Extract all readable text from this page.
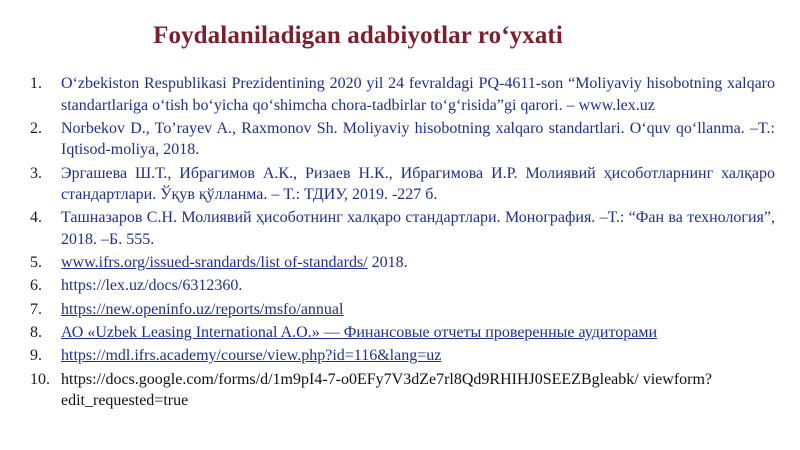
Foydalaniladigan adabiyotlar ro‘yxati
1.	O‘zbekiston Respublikasi Prezidentining 2020 yil 24 fevraldagi PQ-4611-son “Moliyaviy hisobotning xalqaro standartlariga o‘tish bo‘yicha qo‘shimcha chora-tadbirlar to‘g‘risida”gi qarori. – www.lex.uz
2.	Norbekov D., To’rayev A., Raxmonov Sh. Moliyaviy hisobotning xalqaro standartlari. O‘quv qo‘llanma. –T.: Iqtisod-moliya, 2018.
3.	Эргашева Ш.Т., Ибрагимов А.К., Ризаев Н.К., Ибрагимова И.Р. Молиявий ҳисоботларнинг халқаро стандартлари. Ўқув қўлланма. – Т.: ТДИУ, 2019. -227 б.
4.	Ташназаров С.Н. Молиявий ҳисоботнинг халқаро стандартлари. Монография. –Т.: “Фан ва технология”, 2018. –Б. 555.
5.	www.ifrs.org/issued-srandards/list of-standards/ 2018.
6.	https://lex.uz/docs/6312360.
7.	https://new.openinfo.uz/reports/msfo/annual
8.	АО «Uzbek Leasing International A.O.» — Финансовые отчеты проверенные аудиторами
9.	https://mdl.ifrs.academy/course/view.php?id=116&lang=uz
10. https://docs.google.com/forms/d/1m9pI4-7-o0EFy7V3dZe7rl8Qd9RHIHJ0SEEZBgleabk/ viewform?edit_requested=true
